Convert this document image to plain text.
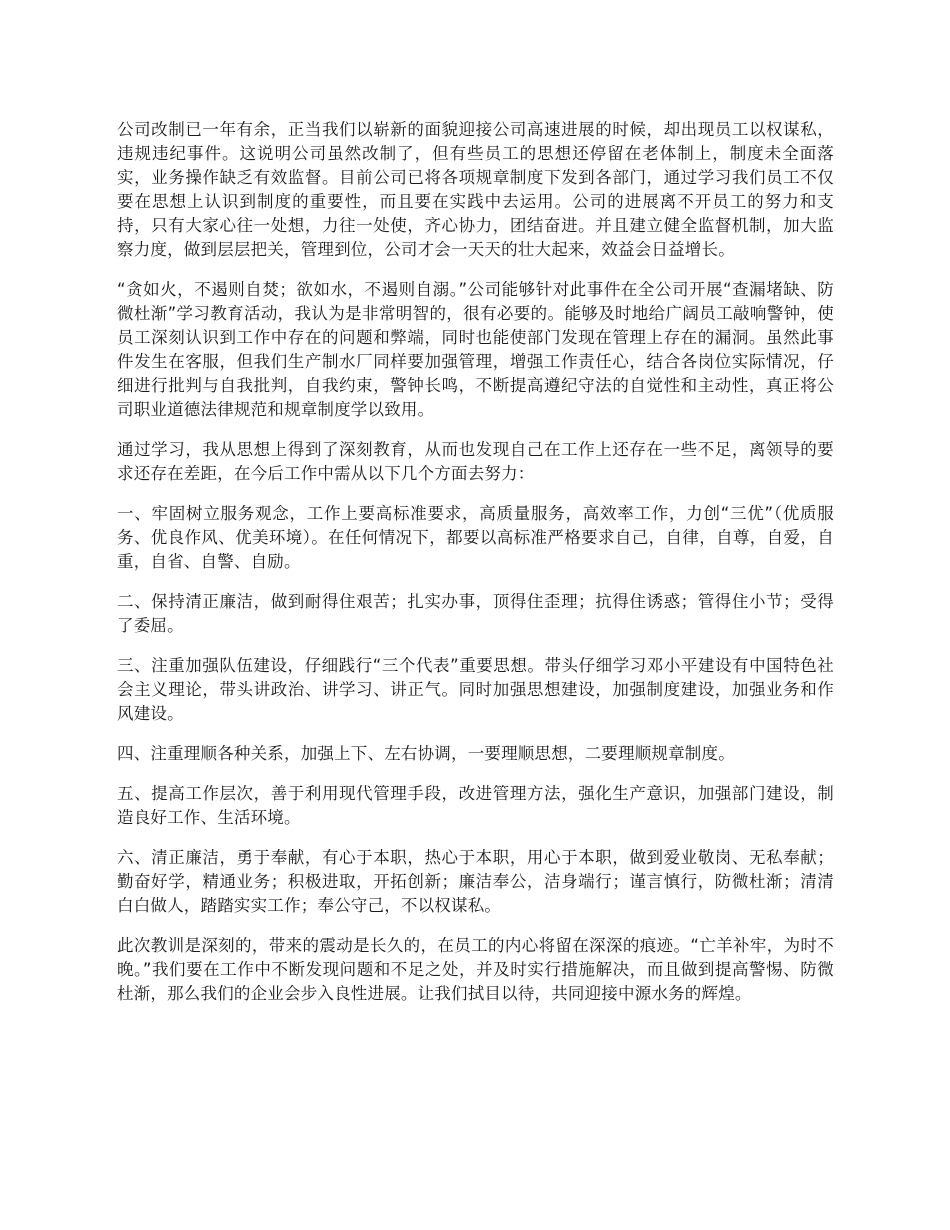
公司改制已一年有余，正当我们以崭新的面貌迎接公司高速进展的时候，却出现员工以权谋私，违规违纪事件。这说明公司虽然改制了，但有些员工的思想还停留在老体制上，制度未全面落实，业务操作缺乏有效监督。目前公司已将各项规章制度下发到各部门，通过学习我们员工不仅要在思想上认识到制度的重要性，而且要在实践中去运用。公司的进展离不开员工的努力和支持，只有大家心往一处想，力往一处使，齐心协力，团结奋进。并且建立健全监督机制，加大监察力度，做到层层把关，管理到位，公司才会一天天的壮大起来，效益会日益增长。

“贪如火，不遏则自焚；欲如水，不遏则自溺。”公司能够针对此事件在全公司开展“查漏堵缺、防微杜渐”学习教育活动，我认为是非常明智的，很有必要的。能够及时地给广阔员工敲响警钟，使员工深刻认识到工作中存在的问题和弊端，同时也能使部门发现在管理上存在的漏洞。虽然此事件发生在客服，但我们生产制水厂同样要加强管理，增强工作责任心，结合各岗位实际情况，仔细进行批判与自我批判，自我约束，警钟长鸣，不断提高遵纪守法的自觉性和主动性，真正将公司职业道德法律规范和规章制度学以致用。

通过学习，我从思想上得到了深刻教育，从而也发现自己在工作上还存在一些不足，离领导的要求还存在差距，在今后工作中需从以下几个方面去努力：

一、牢固树立服务观念，工作上要高标准要求，高质量服务，高效率工作，力创“三优”（优质服务、优良作风、优美环境）。在任何情况下，都要以高标准严格要求自己，自律，自尊，自爱，自重，自省、自警、自励。

二、保持清正廉洁，做到耐得住艰苦；扎实办事，顶得住歪理；抗得住诱惑；管得住小节；受得了委屈。

三、注重加强队伍建设，仔细践行“三个代表”重要思想。带头仔细学习邓小平建设有中国特色社会主义理论，带头讲政治、讲学习、讲正气。同时加强思想建设，加强制度建设，加强业务和作风建设。

四、注重理顺各种关系，加强上下、左右协调，一要理顺思想，二要理顺规章制度。

五、提高工作层次，善于利用现代管理手段，改进管理方法，强化生产意识，加强部门建设，制造良好工作、生活环境。

六、清正廉洁，勇于奉献，有心于本职，热心于本职，用心于本职，做到爱业敬岗、无私奉献；勤奋好学，精通业务；积极进取，开拓创新；廉洁奉公，洁身端行；谨言慎行，防微杜渐；清清白白做人，踏踏实实工作；奉公守己，不以权谋私。

此次教训是深刻的，带来的震动是长久的，在员工的内心将留在深深的痕迹。“亡羊补牢，为时不晚。”我们要在工作中不断发现问题和不足之处，并及时实行措施解决，而且做到提高警惕、防微杜渐，那么我们的企业会步入良性进展。让我们拭目以待，共同迎接中源水务的辉煌。
